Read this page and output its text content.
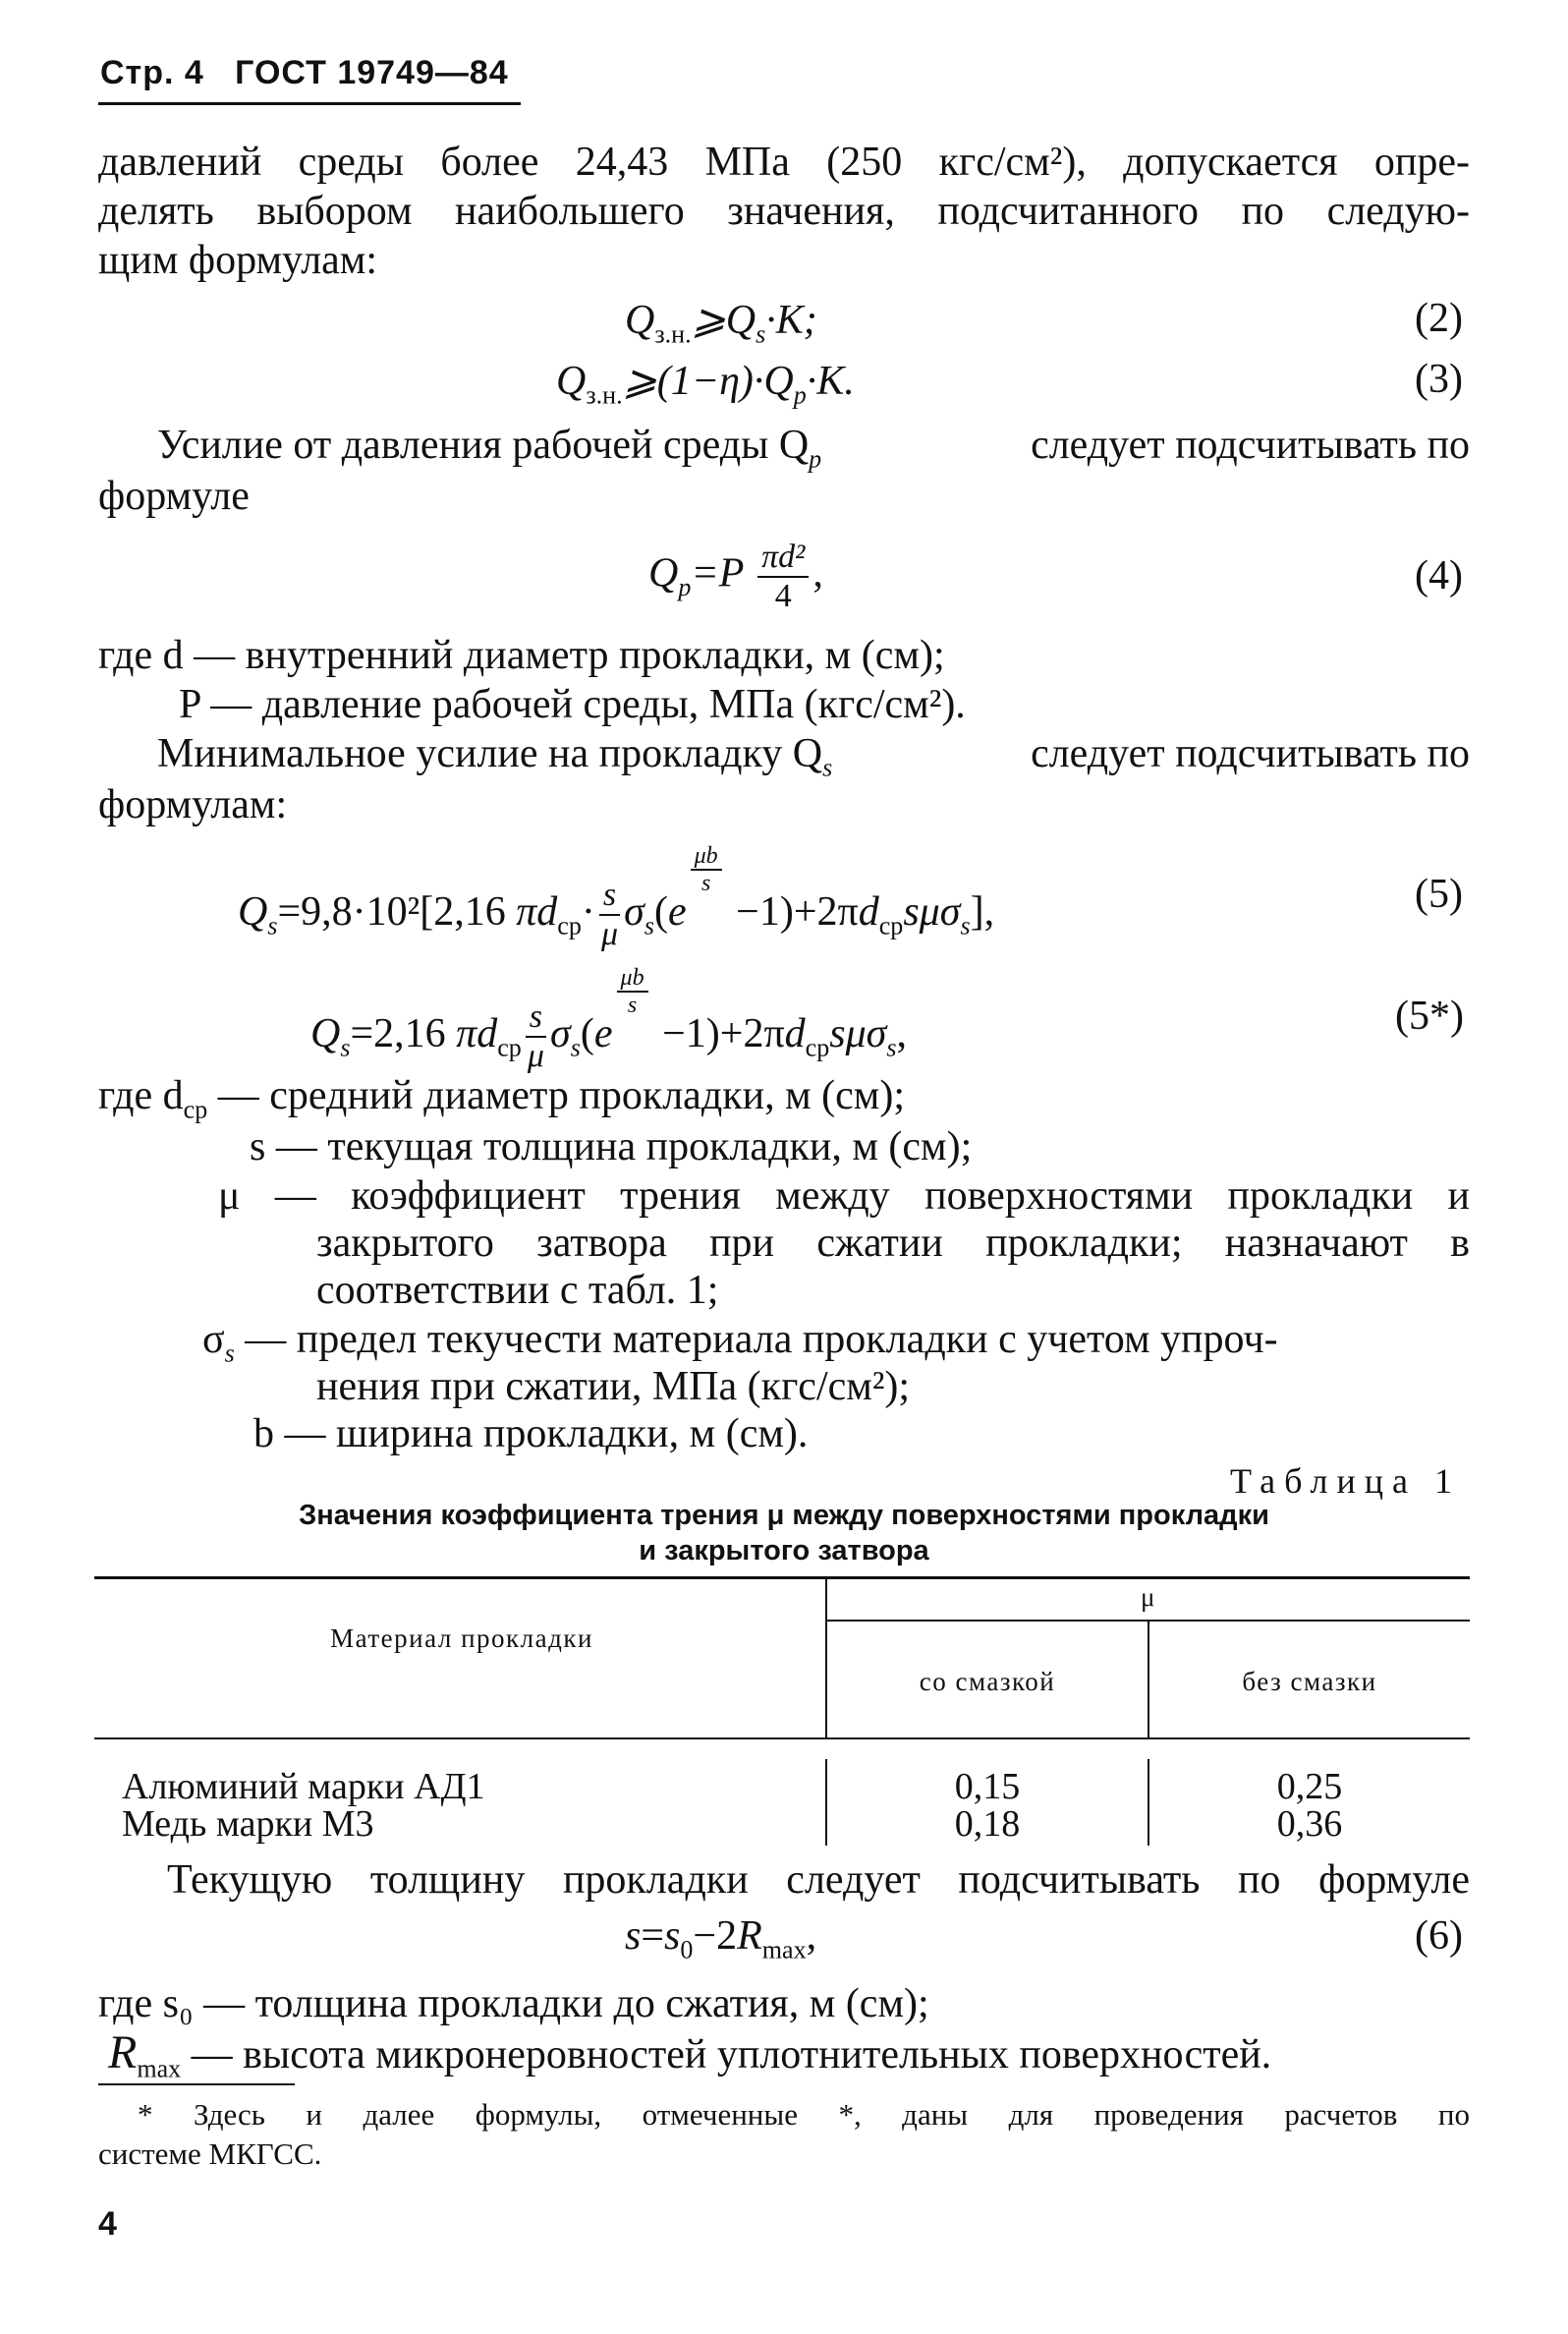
Стр. 4 ГОСТ 19749—84
давлений среды более 24,43 МПа (250 кгс/см²), допускается опре-
делять выбором наибольшего значения, подсчитанного по следую-
щим формулам:
$Q_{з.н.}⩾Q_s\cdot K$;	(2)
$Q_{з.н.}⩾(1-\eta)\cdot Q_p\cdot K$.	(3)
Усилие от давления рабочей среды $Q_p$	следует подсчитывать по
формуле
$Q_p=P \frac{\text{πd²}}{4}$ ,	(4)
где d — внутренний диаметр прокладки, м (см);
P — давление рабочей среды, МПа (кгс/см²).
Минимальное усилие на прокладку $Q_s$	следует подсчитывать по
формулам:
$Q_s=9,8\cdot 10^2[2,16$ $\pi d_{ср}\cdot \frac{s}{\mu} \sigma_s(e$
$^{\frac{\mu b}{s}}$
$-1)+2\pi d_{ср}s\mu\sigma_s$],	(5)
$Q_s=2,16$ $\pi d_{ср} \frac{s}{\mu} \sigma_s(e$
$^{\frac{\mu b}{s}}$
$-1)+2\pi d_{ср}s\mu\sigma_s$,	(5*)
где $d_{ср}$ — средний диаметр прокладки, м (см);
s — текущая толщина прокладки, м (см);
μ — коэффициент трения между поверхностями прокладки и
закрытого затвора при сжатии прокладки; назначают в
соответствии с табл. 1;
$\sigma_s$ — предел текучести материала прокладки с учетом упроч-
нения при сжатии, МПа (кгс/см²);
b — ширина прокладки, м (см).
Таблица 1
Значения коэффициента трения μ между поверхностями прокладки
и закрытого затвора
Материал прокладки
μ
со смазкой	без смазки
Алюминий марки АД1	0,15	0,25
Медь марки М3	0,18	0,36
Текущую толщину прокладки следует подсчитывать по формуле
$s=s_0-2R_{max}$,	(6)
где s₀ — толщина прокладки до сжатия, м (см);
$R_{max}$ — высота микронеровностей уплотнительных поверхностей.
* Здесь и далее формулы, отмеченные *, даны для проведения расчетов по
системе МКГСС.
4
